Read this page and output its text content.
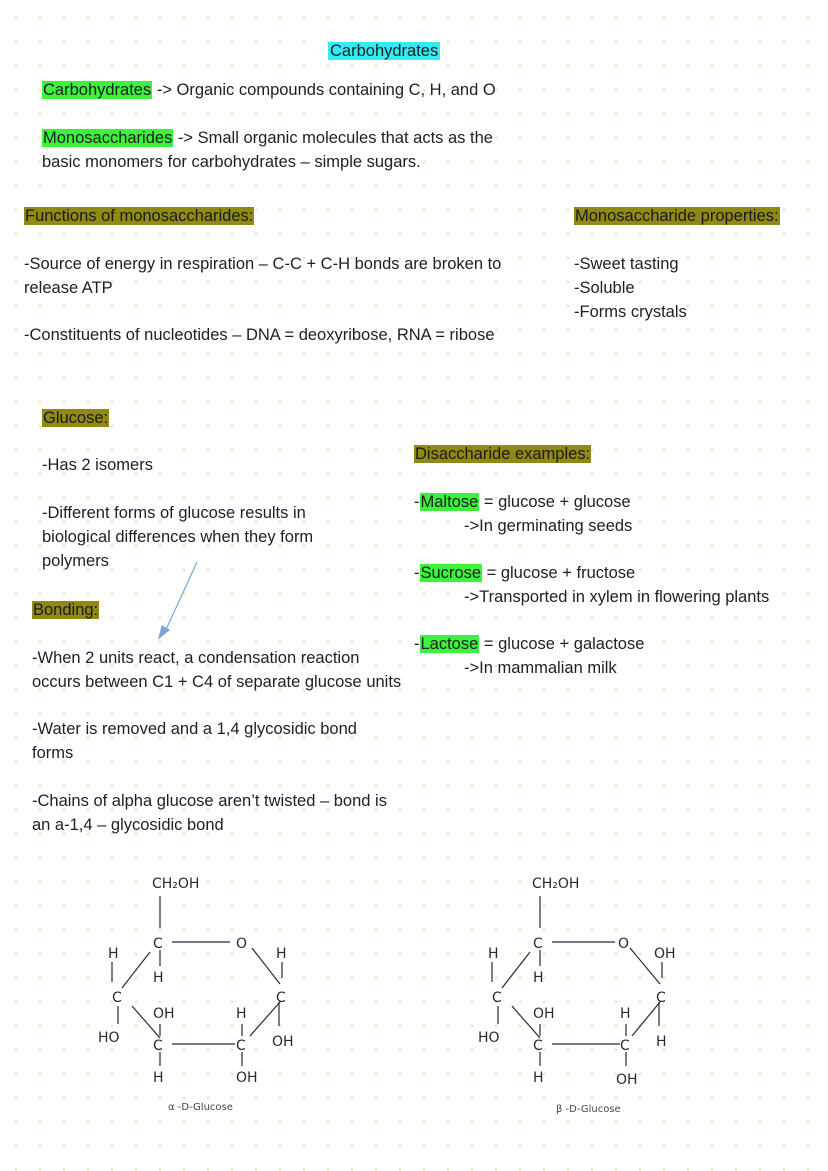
Carbohydrates
Carbohydrates -> Organic compounds containing C, H, and O
Monosaccharides -> Small organic molecules that acts as the
basic monomers for carbohydrates – simple sugars.
Functions of monosaccharides:
-Source of energy in respiration – C-C + C-H bonds are broken to
release ATP
-Constituents of nucleotides – DNA = deoxyribose, RNA = ribose
Monosaccharide properties:
-Sweet tasting
-Soluble
-Forms crystals
Glucose:
-Has 2 isomers
-Different forms of glucose results in
biological differences when they form
polymers
Bonding:
-When 2 units react, a condensation reaction
occurs between C1 + C4 of separate glucose units
-Water is removed and a 1,4 glycosidic bond
forms
-Chains of alpha glucose aren’t twisted – bond is
an a-1,4 – glycosidic bond
Disaccharide examples:
-Maltose = glucose + glucose
->In germinating seeds
-Sucrose = glucose + fructose
->Transported in xylem in flowering plants
-Lactose = glucose + galactose
->In mammalian milk
CH₂OH
C	O
H
H
C
HO
H
C
OH
OH
C
H
H
C
OH
α -D-Glucose
CH₂OH
C	O
H
H
C
HO
OH
C
H
OH
C
H
H
C
OH
β -D-Glucose
